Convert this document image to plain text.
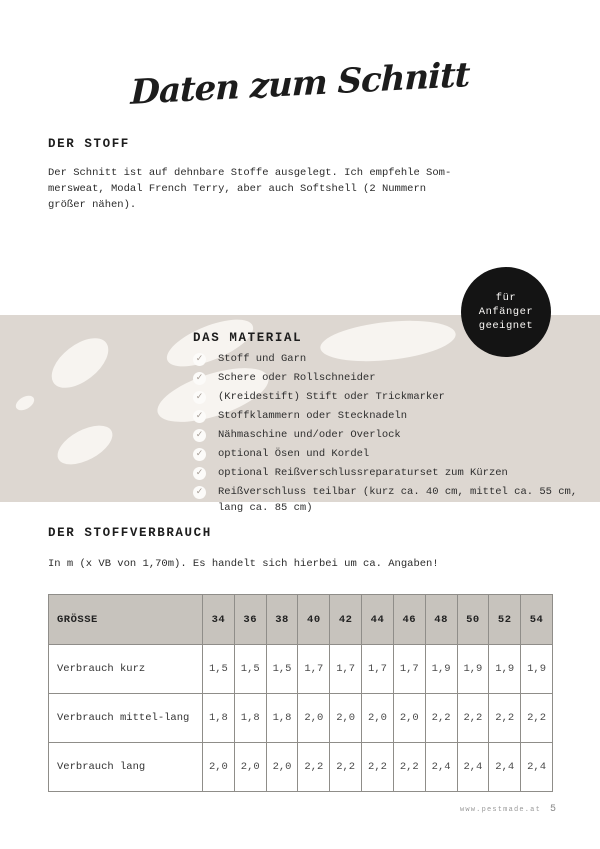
Daten zum Schnitt
DER STOFF
Der Schnitt ist auf dehnbare Stoffe ausgelegt. Ich empfehle Som-
mersweat, Modal French Terry, aber auch Softshell (2 Nummern
größer nähen).
für
Anfänger
geeignet
DAS MATERIAL
✓ Stoff und Garn
✓ Schere oder Rollschneider
✓ (Kreidestift) Stift oder Trickmarker
✓ Stoffklammern oder Stecknadeln
✓ Nähmaschine und/oder Overlock
✓ optional Ösen und Kordel
✓ optional Reißverschlussreparaturset zum Kürzen
✓ Reißverschluss teilbar (kurz ca. 40 cm, mittel ca. 55 cm, lang ca. 85 cm)
DER STOFFVERBRAUCH
In m (x VB von 1,70m). Es handelt sich hierbei um ca. Angaben!
GRÖSSE	34	36	38	40	42	44	46	48	50	52	54
Verbrauch kurz	1,5	1,5	1,5	1,7	1,7	1,7	1,7	1,9	1,9	1,9	1,9
Verbrauch mittel-lang	1,8	1,8	1,8	2,0	2,0	2,0	2,0	2,2	2,2	2,2	2,2
Verbrauch lang	2,0	2,0	2,0	2,2	2,2	2,2	2,2	2,4	2,4	2,4	2,4
www.pestmade.at 5
